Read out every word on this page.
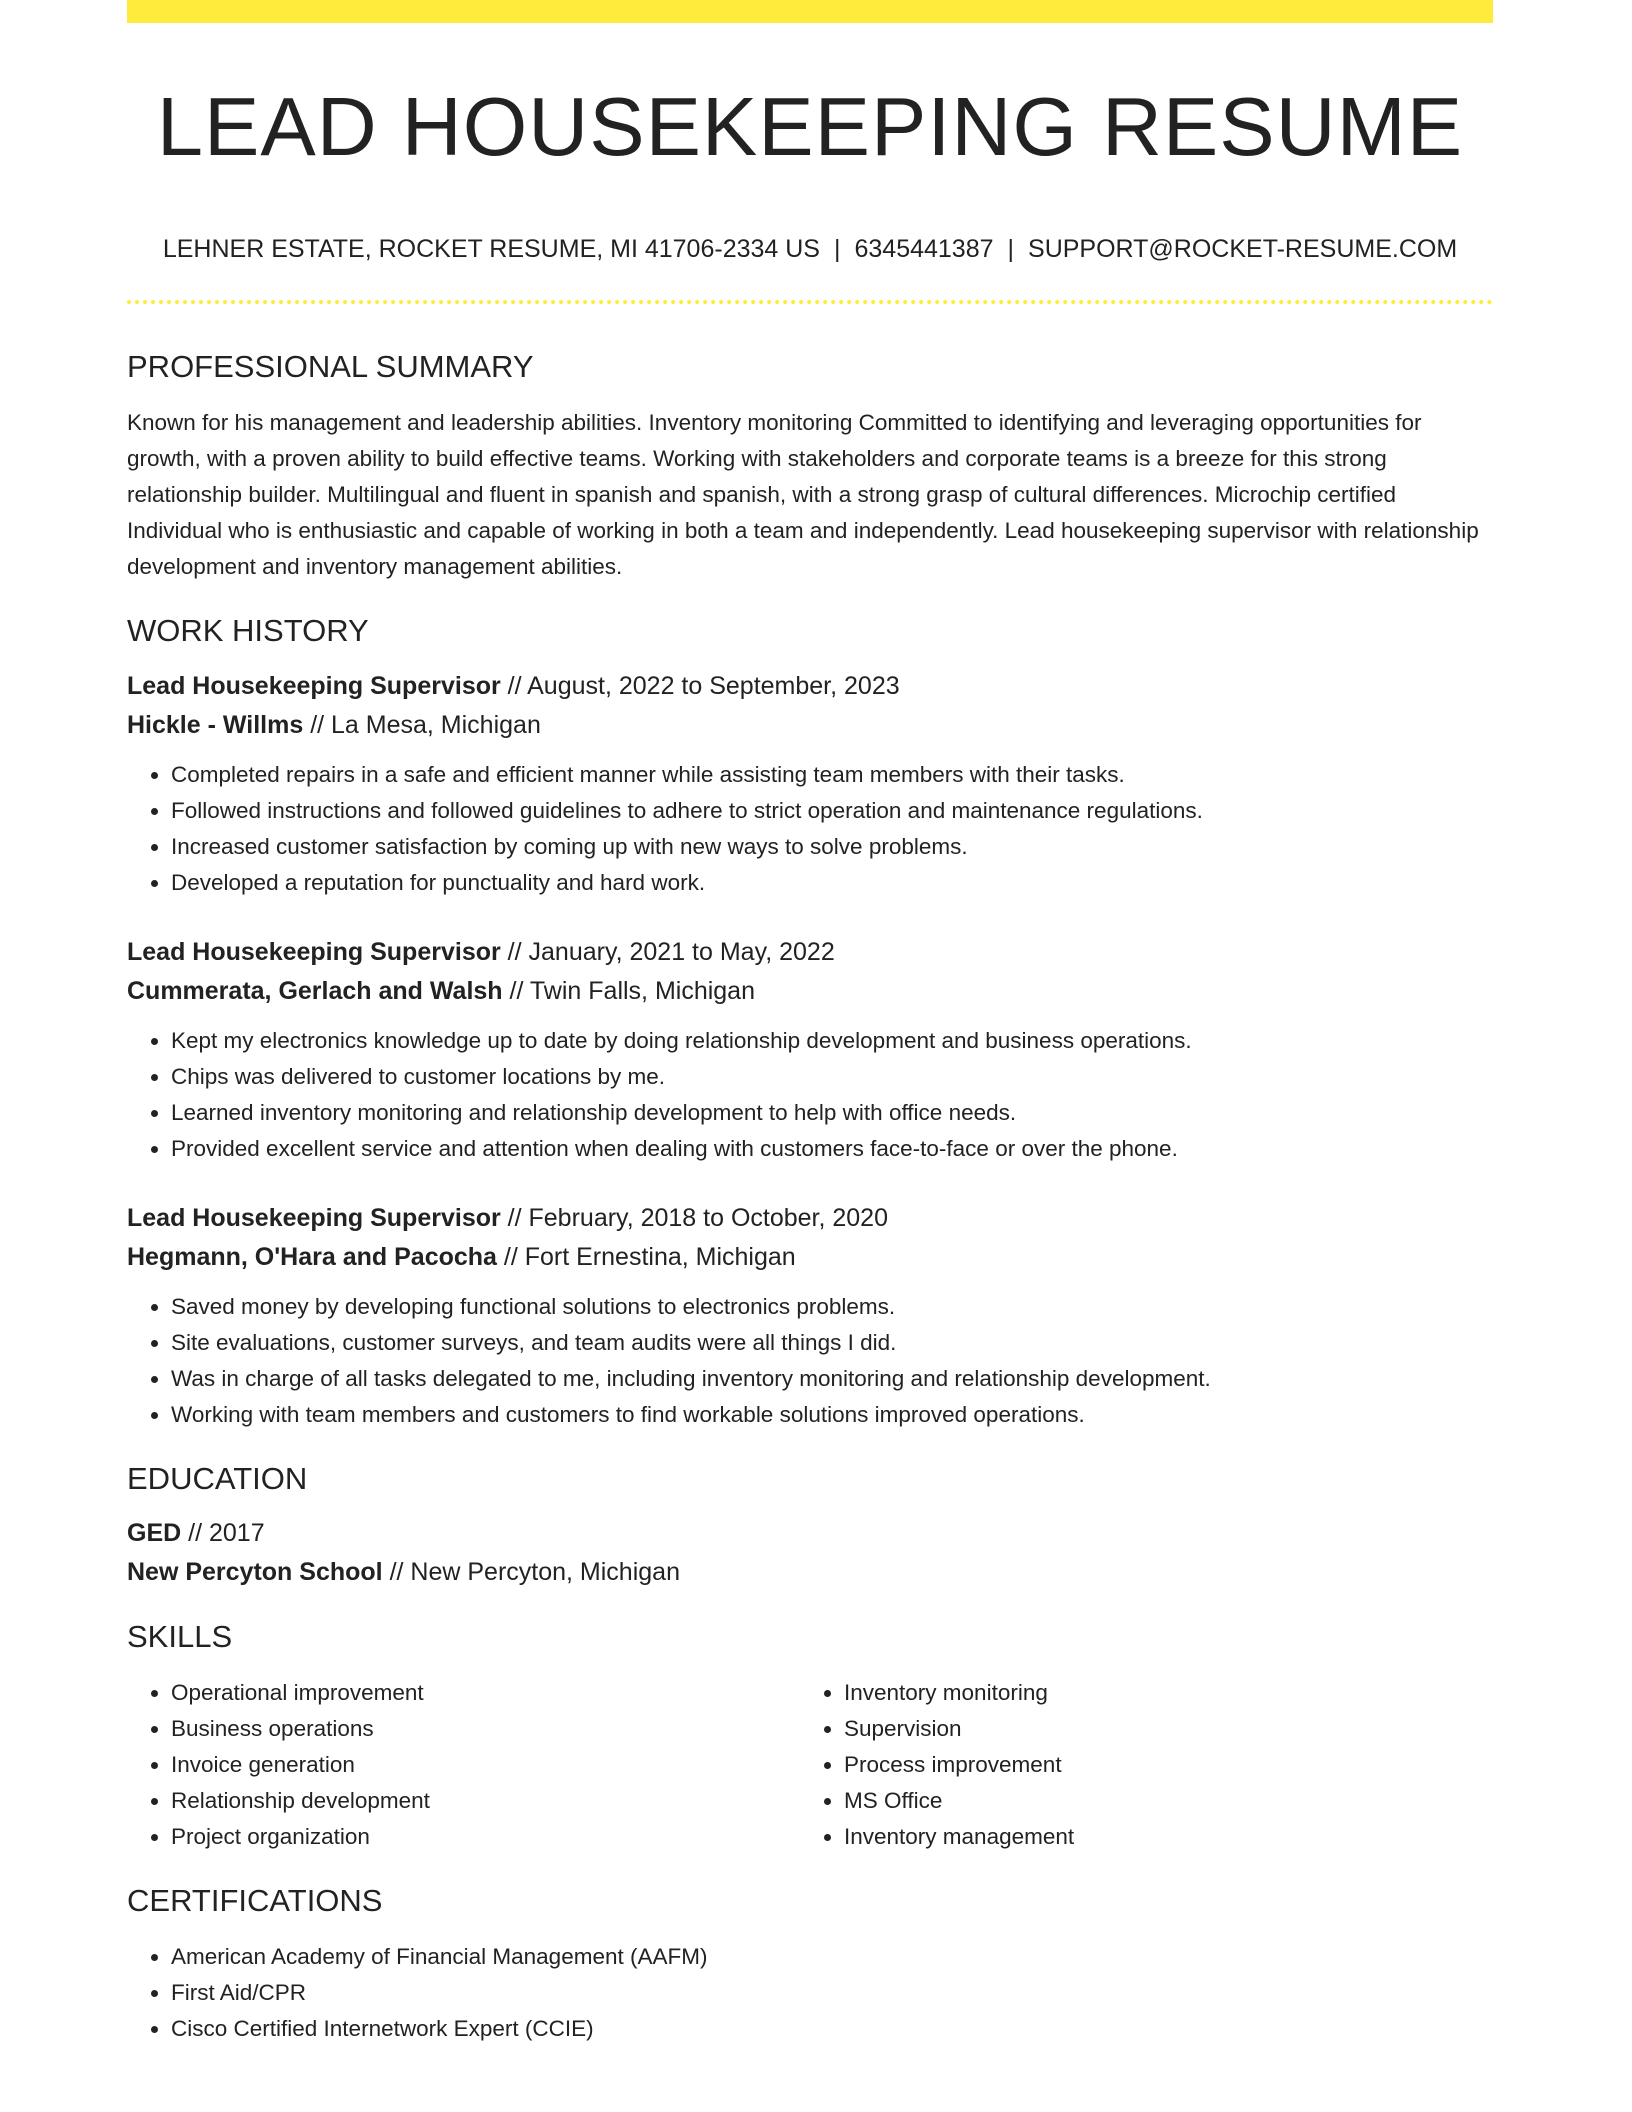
LEAD HOUSEKEEPING RESUME
LEHNER ESTATE, ROCKET RESUME, MI 41706-2334 US | 6345441387 | SUPPORT@ROCKET-RESUME.COM
PROFESSIONAL SUMMARY

Known for his management and leadership abilities. Inventory monitoring Committed to identifying and leveraging opportunities for growth, with a proven ability to build effective teams. Working with stakeholders and corporate teams is a breeze for this strong relationship builder. Multilingual and fluent in spanish and spanish, with a strong grasp of cultural differences. Microchip certified Individual who is enthusiastic and capable of working in both a team and independently. Lead housekeeping supervisor with relationship development and inventory management abilities.

WORK HISTORY
Lead Housekeeping Supervisor // August, 2022 to September, 2023
Hickle - Willms // La Mesa, Michigan
• Completed repairs in a safe and efficient manner while assisting team members with their tasks.
• Followed instructions and followed guidelines to adhere to strict operation and maintenance regulations.
• Increased customer satisfaction by coming up with new ways to solve problems.
• Developed a reputation for punctuality and hard work.
Lead Housekeeping Supervisor // January, 2021 to May, 2022
Cummerata, Gerlach and Walsh // Twin Falls, Michigan
• Kept my electronics knowledge up to date by doing relationship development and business operations.
• Chips was delivered to customer locations by me.
• Learned inventory monitoring and relationship development to help with office needs.
• Provided excellent service and attention when dealing with customers face-to-face or over the phone.
Lead Housekeeping Supervisor // February, 2018 to October, 2020
Hegmann, O'Hara and Pacocha // Fort Ernestina, Michigan
• Saved money by developing functional solutions to electronics problems.
• Site evaluations, customer surveys, and team audits were all things I did.
• Was in charge of all tasks delegated to me, including inventory monitoring and relationship development.
• Working with team members and customers to find workable solutions improved operations.
EDUCATION
GED // 2017
New Percyton School // New Percyton, Michigan
SKILLS
• Operational improvement
• Business operations
• Invoice generation
• Relationship development
• Project organization
• Inventory monitoring
• Supervision
• Process improvement
• MS Office
• Inventory management
CERTIFICATIONS
• American Academy of Financial Management (AAFM)
• First Aid/CPR
• Cisco Certified Internetwork Expert (CCIE)
